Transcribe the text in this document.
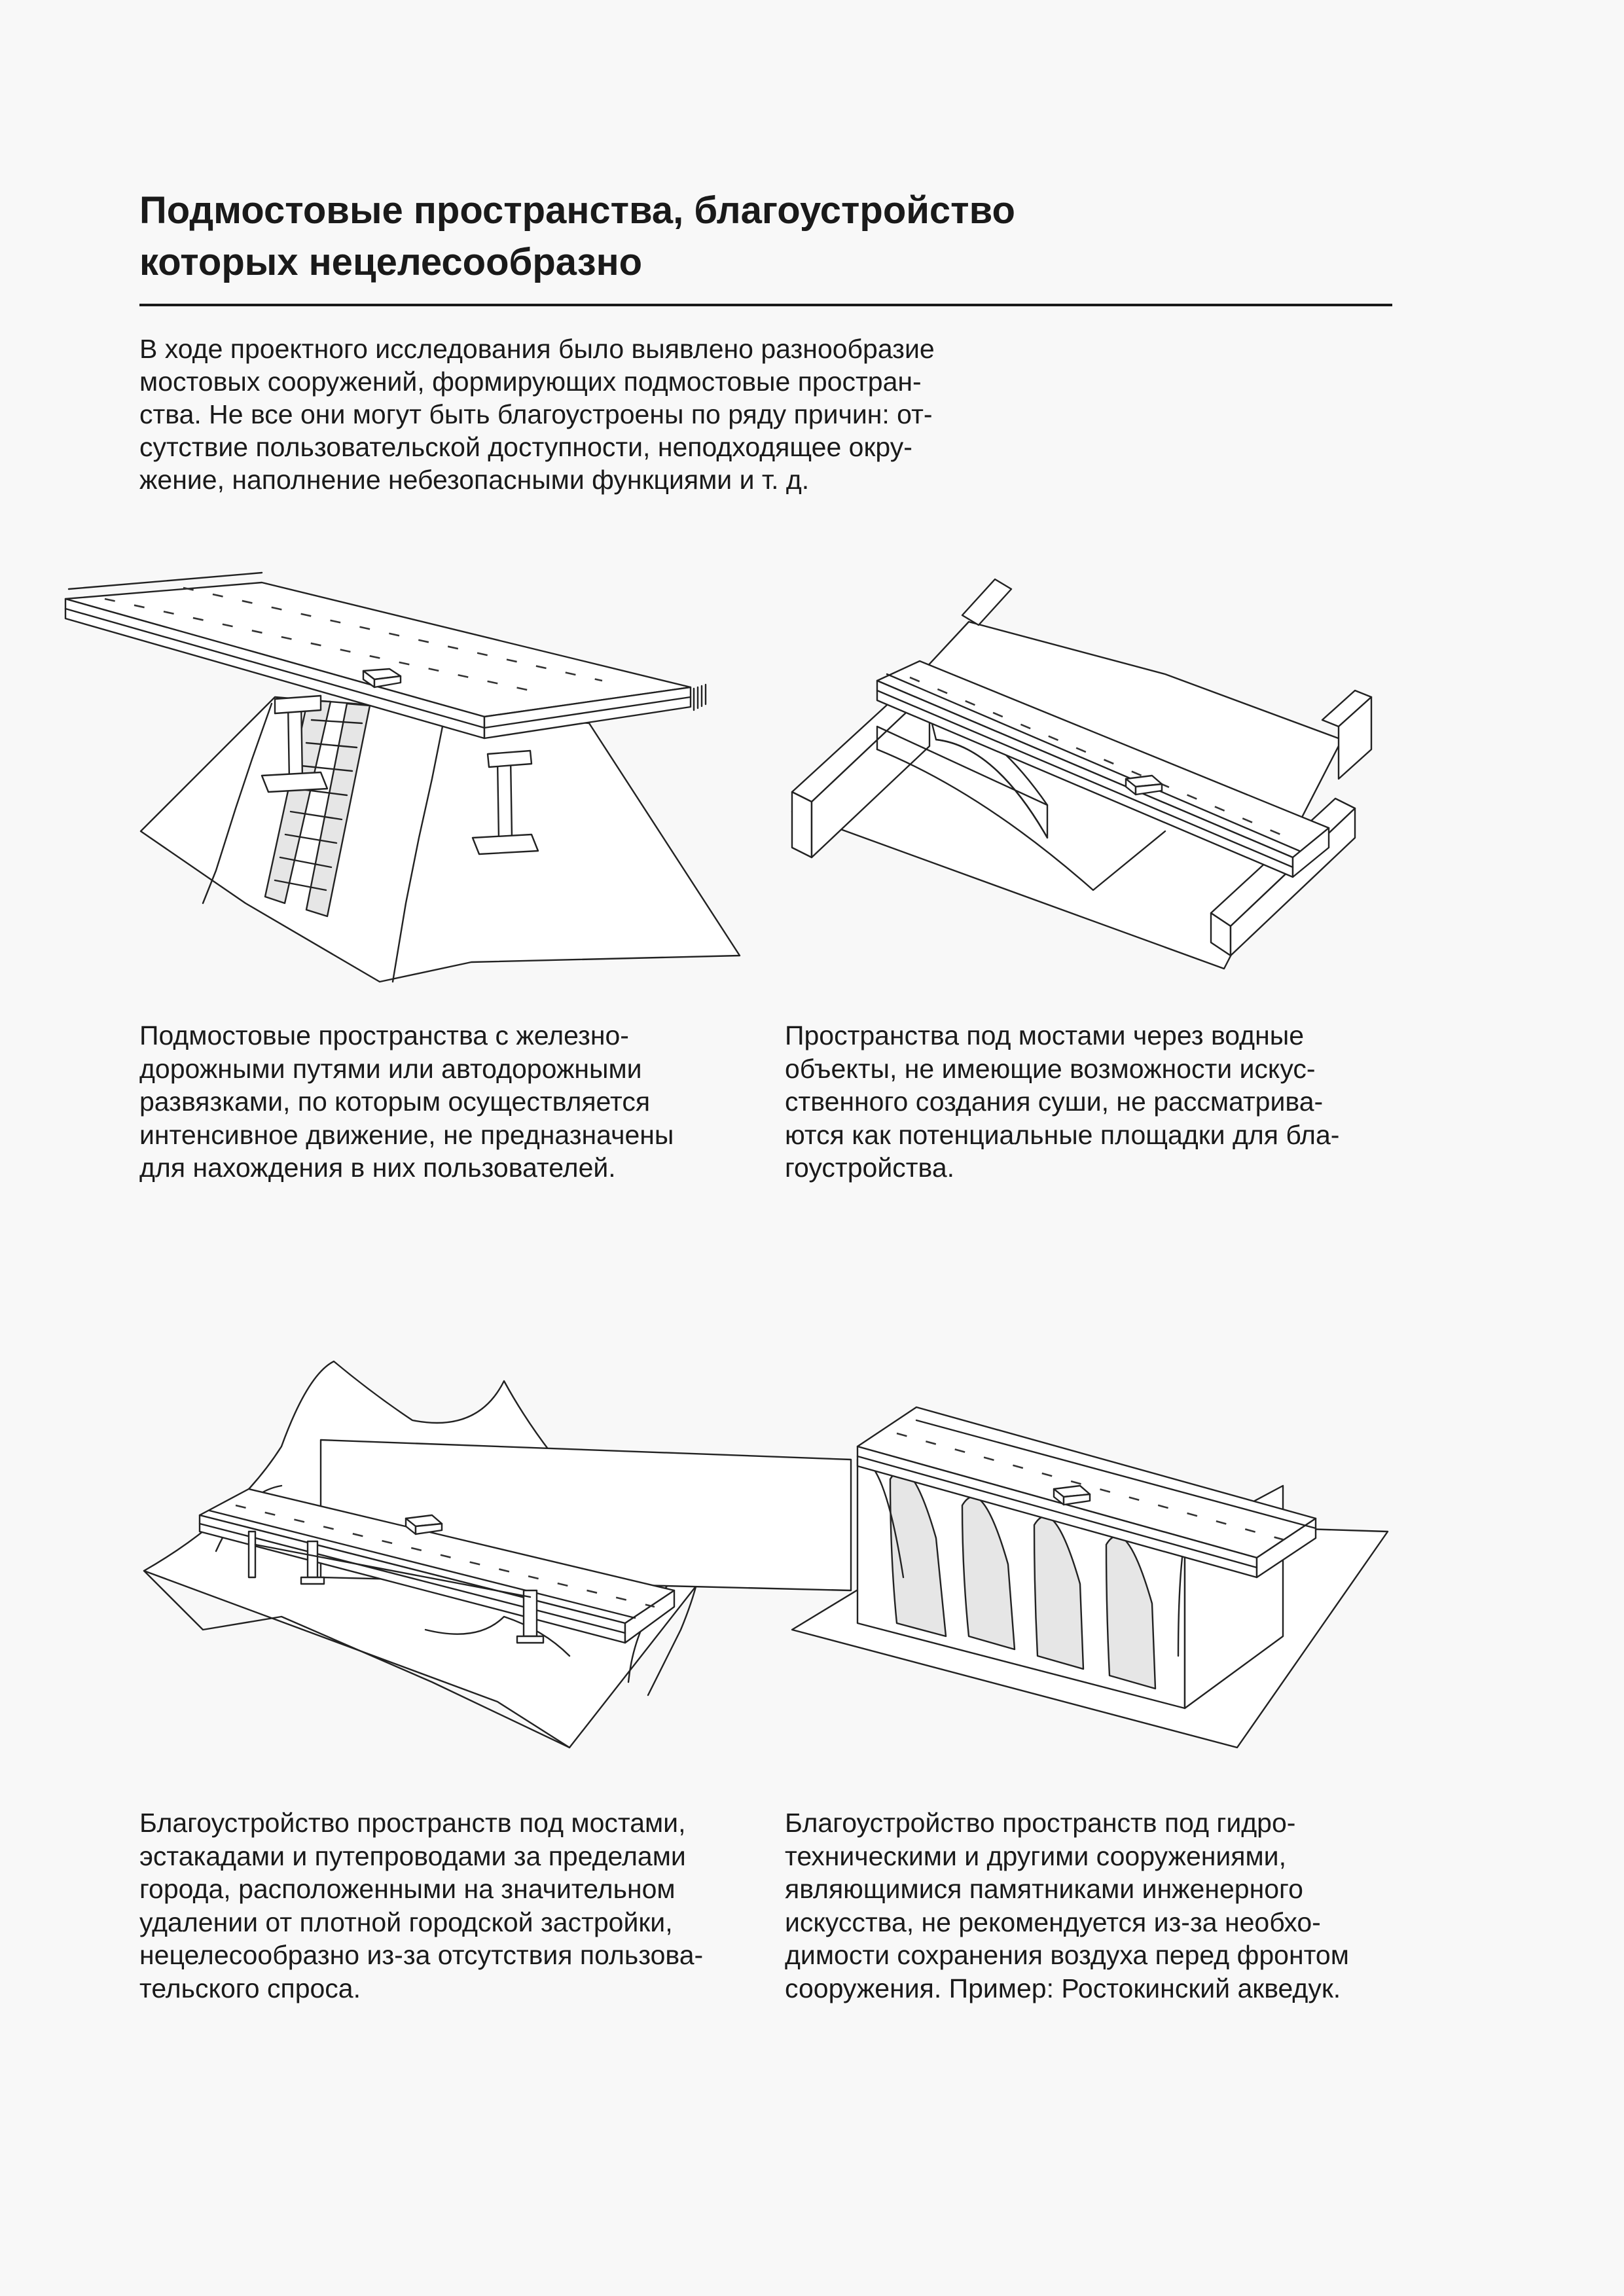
Подмостовые пространства, благоустройство
которых нецелесообразно
В ходе проектного исследования было выявлено разнообразие
мостовых сооружений, формирующих подмостовые простран-
ства. Не все они могут быть благоустроены по ряду причин: от-
сутствие пользовательской доступности, неподходящее окру-
жение, наполнение небезопасными функциями и т. д.
Подмостовые пространства с железно-
дорожными путями или автодорожными
развязками, по которым осуществляется
интенсивное движение, не предназначены
для нахождения в них пользователей.
Пространства под мостами через водные
объекты, не имеющие возможности искус-
ственного создания суши, не рассматрива-
ются как потенциальные площадки для бла-
гоустройства.
Благоустройство пространств под мостами,
эстакадами и путепроводами за пределами
города, расположенными на значительном
удалении от плотной городской застройки,
нецелесообразно из-за отсутствия пользова-
тельского спроса.
Благоустройство пространств под гидро-
техническими и другими сооружениями,
являющимися памятниками инженерного
искусства, не рекомендуется из-за необхо-
димости сохранения воздуха перед фронтом
сооружения. Пример: Ростокинский акведук.
